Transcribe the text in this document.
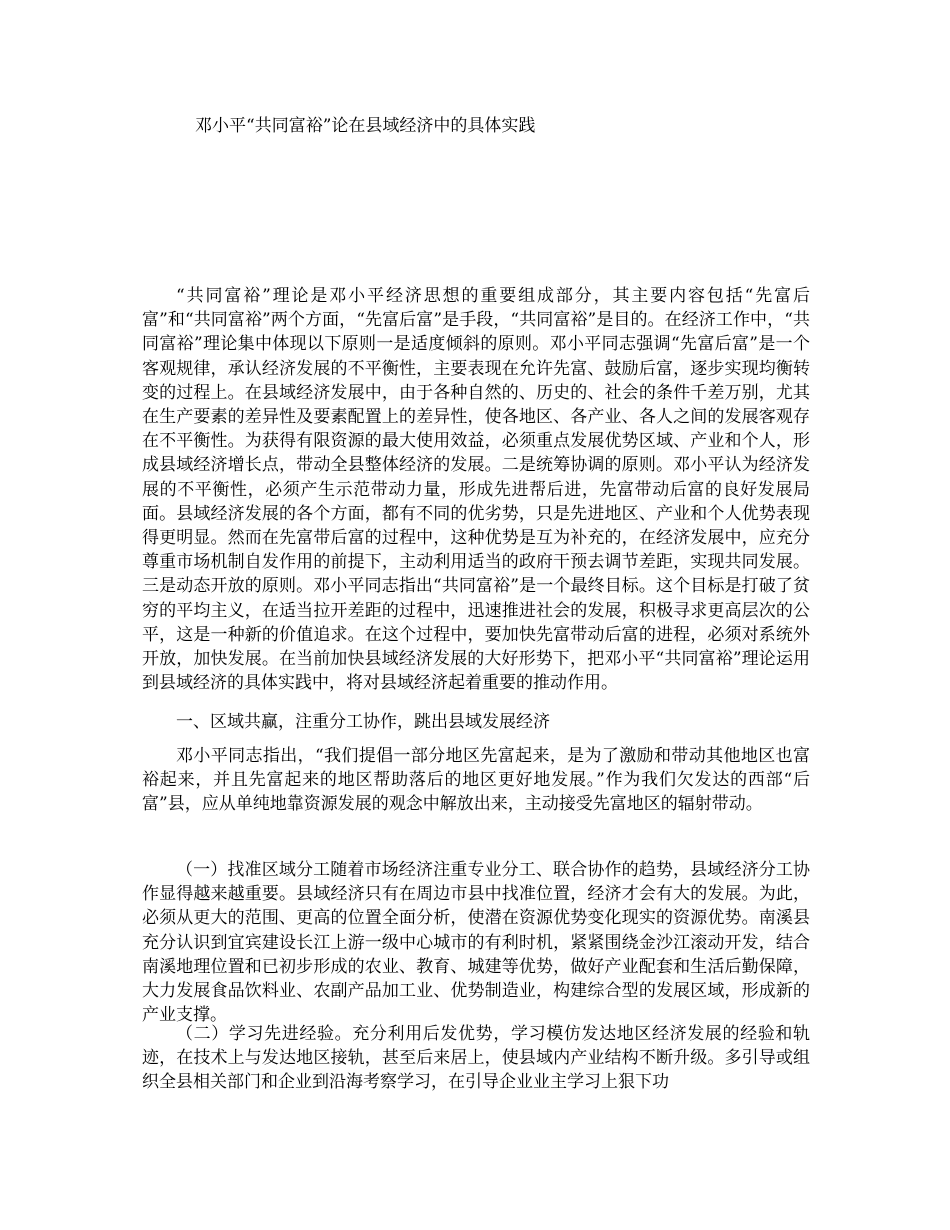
邓小平“共同富裕”论在县域经济中的具体实践

“共同富裕”理论是邓小平经济思想的重要组成部分，其主要内容包括“先富后富”和“共同富裕”两个方面，“先富后富”是手段，“共同富裕”是目的。在经济工作中，“共同富裕”理论集中体现以下原则一是适度倾斜的原则。邓小平同志强调“先富后富”是一个客观规律，承认经济发展的不平衡性，主要表现在允许先富、鼓励后富，逐步实现均衡转变的过程上。在县域经济发展中，由于各种自然的、历史的、社会的条件千差万别，尤其在生产要素的差异性及要素配置上的差异性，使各地区、各产业、各人之间的发展客观存在不平衡性。为获得有限资源的最大使用效益，必须重点发展优势区域、产业和个人，形成县域经济增长点，带动全县整体经济的发展。二是统筹协调的原则。邓小平认为经济发展的不平衡性，必须产生示范带动力量，形成先进帮后进，先富带动后富的良好发展局面。县域经济发展的各个方面，都有不同的优劣势，只是先进地区、产业和个人优势表现得更明显。然而在先富带后富的过程中，这种优势是互为补充的，在经济发展中，应充分尊重市场机制自发作用的前提下，主动利用适当的政府干预去调节差距，实现共同发展。三是动态开放的原则。邓小平同志指出“共同富裕”是一个最终目标。这个目标是打破了贫穷的平均主义，在适当拉开差距的过程中，迅速推进社会的发展，积极寻求更高层次的公平，这是一种新的价值追求。在这个过程中，要加快先富带动后富的进程，必须对系统外开放，加快发展。在当前加快县域经济发展的大好形势下，把邓小平“共同富裕”理论运用到县域经济的具体实践中，将对县域经济起着重要的推动作用。

一、区域共赢，注重分工协作，跳出县域发展经济

邓小平同志指出，“我们提倡一部分地区先富起来，是为了激励和带动其他地区也富裕起来，并且先富起来的地区帮助落后的地区更好地发展。”作为我们欠发达的西部“后富”县，应从单纯地靠资源发展的观念中解放出来，主动接受先富地区的辐射带动。

（一）找准区域分工随着市场经济注重专业分工、联合协作的趋势，县域经济分工协作显得越来越重要。县域经济只有在周边市县中找准位置，经济才会有大的发展。为此，必须从更大的范围、更高的位置全面分析，使潜在资源优势变化现实的资源优势。南溪县充分认识到宜宾建设长江上游一级中心城市的有利时机，紧紧围绕金沙江滚动开发，结合南溪地理位置和已初步形成的农业、教育、城建等优势，做好产业配套和生活后勤保障，大力发展食品饮料业、农副产品加工业、优势制造业，构建综合型的发展区域，形成新的产业支撑。

（二）学习先进经验。充分利用后发优势，学习模仿发达地区经济发展的经验和轨迹，在技术上与发达地区接轨，甚至后来居上，使县域内产业结构不断升级。多引导或组织全县相关部门和企业到沿海考察学习，在引导企业业主学习上狠下功
